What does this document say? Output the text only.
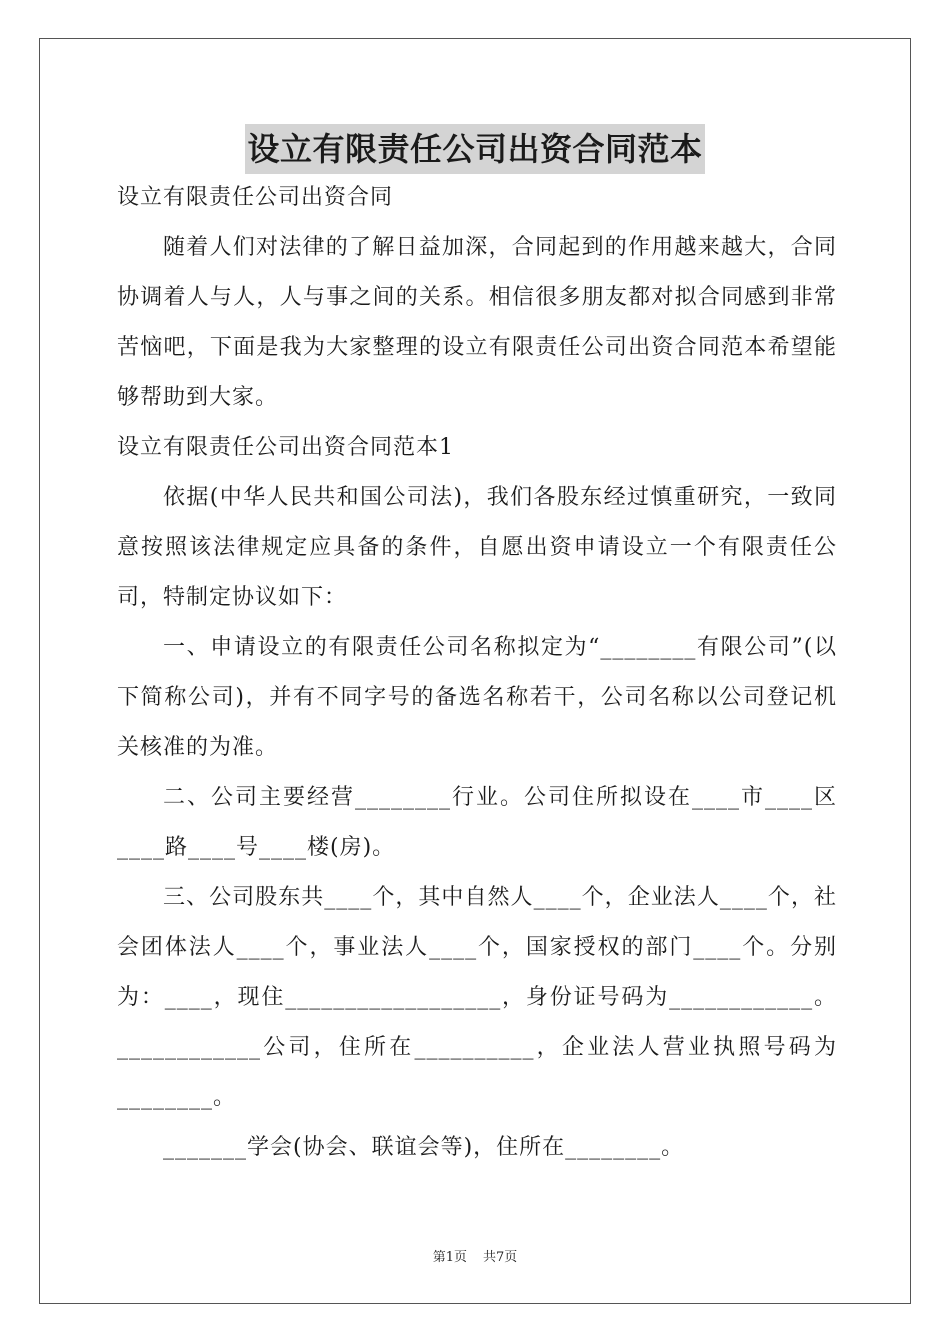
设立有限责任公司出资合同范本

设立有限责任公司出资合同

随着人们对法律的了解日益加深，合同起到的作用越来越大，合同协调着人与人，人与事之间的关系。相信很多朋友都对拟合同感到非常苦恼吧，下面是我为大家整理的设立有限责任公司出资合同范本希望能够帮助到大家。

设立有限责任公司出资合同范本1

依据(中华人民共和国公司法)，我们各股东经过慎重研究，一致同意按照该法律规定应具备的条件，自愿出资申请设立一个有限责任公司，特制定协议如下：

一、申请设立的有限责任公司名称拟定为“________有限公司”(以下简称公司)，并有不同字号的备选名称若干，公司名称以公司登记机关核准的为准。

二、公司主要经营________行业。公司住所拟设在____市____区____路____号____楼(房)。

三、公司股东共____个，其中自然人____个，企业法人____个，社会团体法人____个，事业法人____个，国家授权的部门____个。分别为：____，现住__________________，身份证号码为____________。____________公司，住所在__________，企业法人营业执照号码为________。

_______学会(协会、联谊会等)，住所在________。

第1页 共7页
